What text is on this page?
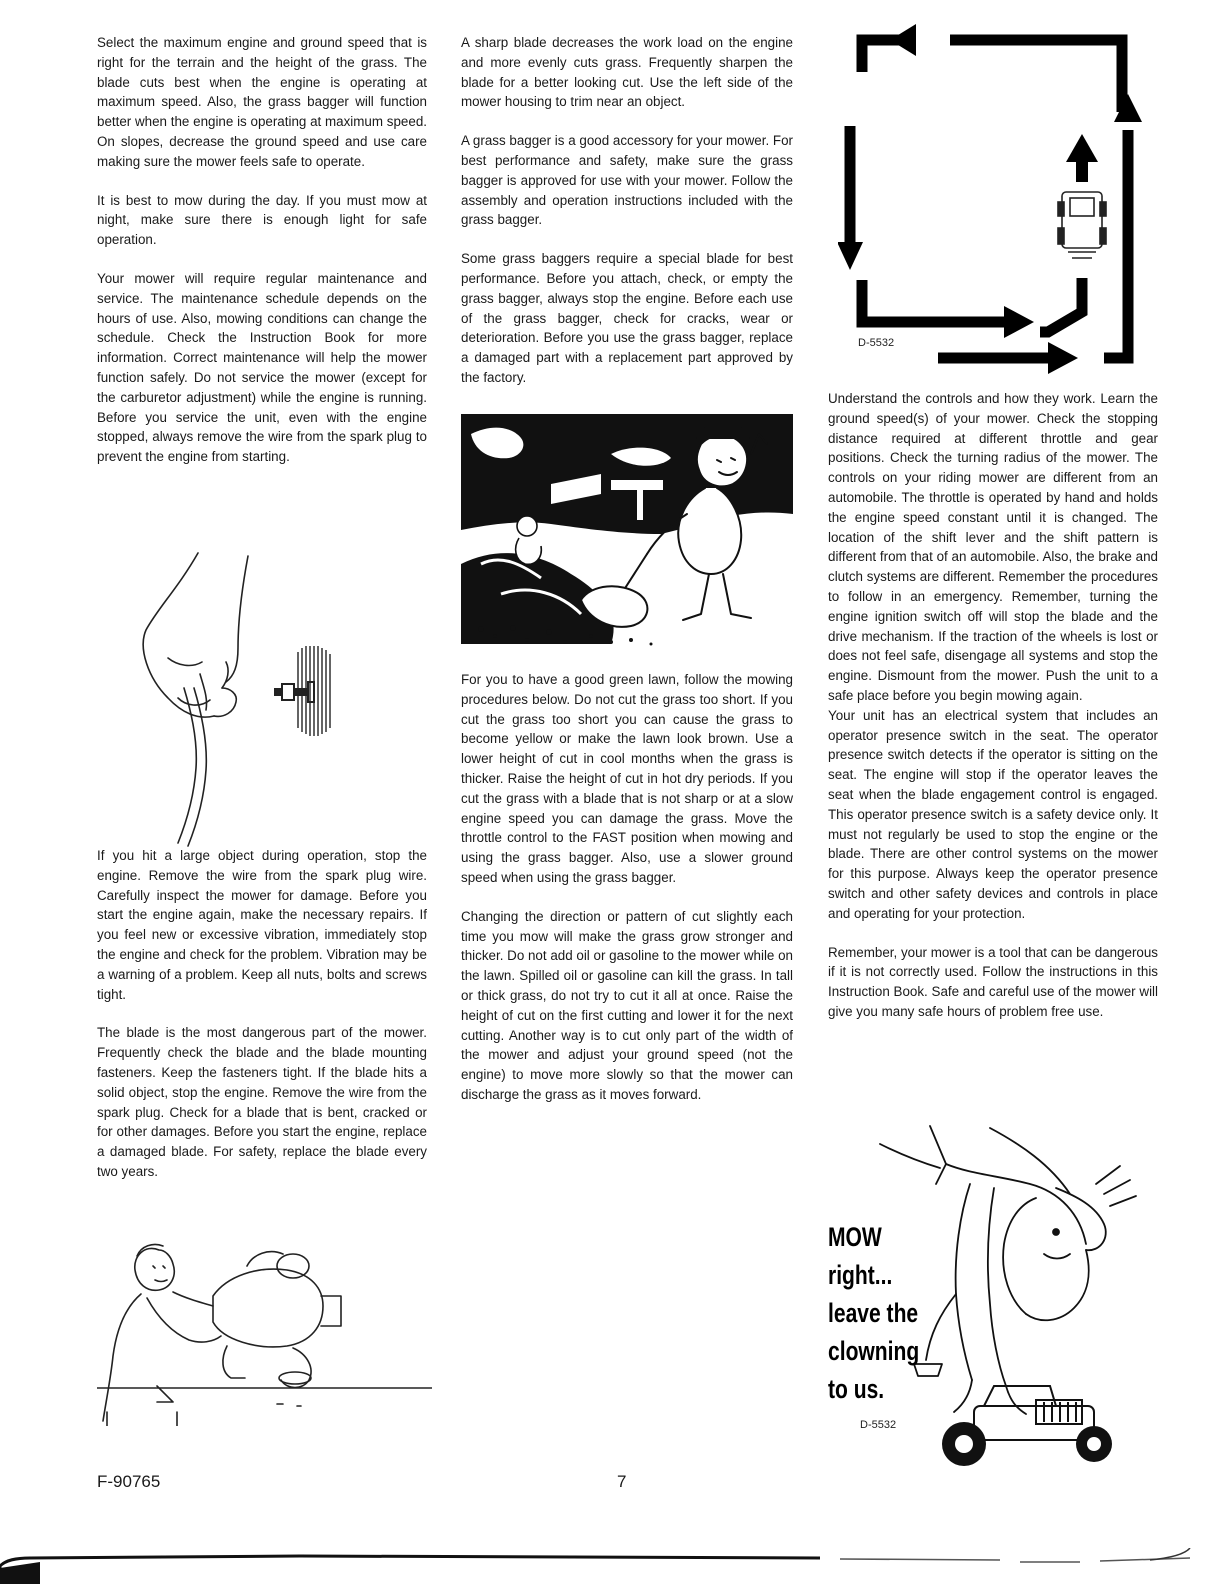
Select the maximum engine and ground speed that is right for the terrain and the height of the grass. The blade cuts best when the engine is operating at maximum speed. Also, the grass bagger will function better when the engine is operating at maximum speed. On slopes, decrease the ground speed and use care making sure the mower feels safe to operate.

It is best to mow during the day. If you must mow at night, make sure there is enough light for safe operation.

Your mower will require regular maintenance and service. The maintenance schedule depends on the hours of use. Also, mowing conditions can change the schedule. Check the Instruction Book for more information. Correct maintenance will help the mower function safely. Do not service the mower (except for the carburetor adjustment) while the engine is running. Before you service the unit, even with the engine stopped, always remove the wire from the spark plug to prevent the engine from starting.

If you hit a large object during operation, stop the engine. Remove the wire from the spark plug wire. Carefully inspect the mower for damage. Before you start the engine again, make the necessary repairs. If you feel new or excessive vibration, immediately stop the engine and check for the problem. Vibration may be a warning of a problem. Keep all nuts, bolts and screws tight.

The blade is the most dangerous part of the mower. Frequently check the blade and the blade mounting fasteners. Keep the fasteners tight. If the blade hits a solid object, stop the engine. Remove the wire from the spark plug. Check for a blade that is bent, cracked or for other damages. Before you start the engine, replace a damaged blade. For safety, replace the blade every two years.

A sharp blade decreases the work load on the engine and more evenly cuts grass. Frequently sharpen the blade for a better looking cut. Use the left side of the mower housing to trim near an object.

A grass bagger is a good accessory for your mower. For best performance and safety, make sure the grass bagger is approved for use with your mower. Follow the assembly and operation instructions included with the grass bagger.

Some grass baggers require a special blade for best performance. Before you attach, check, or empty the grass bagger, always stop the engine. Before each use of the grass bagger, check for cracks, wear or deterioration. Before you use the grass bagger, replace a damaged part with a replacement part approved by the factory.

For you to have a good green lawn, follow the mowing procedures below. Do not cut the grass too short. If you cut the grass too short you can cause the grass to become yellow or make the lawn look brown. Use a lower height of cut in cool months when the grass is thicker. Raise the height of cut in hot dry periods. If you cut the grass with a blade that is not sharp or at a slow engine speed you can damage the grass. Move the throttle control to the FAST position when mowing and using the grass bagger. Also, use a slower ground speed when using the grass bagger.

Changing the direction or pattern of cut slightly each time you mow will make the grass grow stronger and thicker. Do not add oil or gasoline to the mower while on the lawn. Spilled oil or gasoline can kill the grass. In tall or thick grass, do not try to cut it all at once. Raise the height of cut on the first cutting and lower it for the next cutting. Another way is to cut only part of the width of the mower and adjust your ground speed (not the engine) to move more slowly so that the mower can discharge the grass as it moves forward.

D-5532

Understand the controls and how they work. Learn the ground speed(s) of your mower. Check the stopping distance required at different throttle and gear positions. Check the turning radius of the mower. The controls on your riding mower are different from an automobile. The throttle is operated by hand and holds the engine speed constant until it is changed. The location of the shift lever and the shift pattern is different from that of an automobile. Also, the brake and clutch systems are different. Remember the procedures to follow in an emergency. Remember, turning the engine ignition switch off will stop the blade and the drive mechanism. If the traction of the wheels is lost or does not feel safe, disengage all systems and stop the engine. Dismount from the mower. Push the unit to a safe place before you begin mowing again.

Your unit has an electrical system that includes an operator presence switch in the seat. The operator presence switch detects if the operator is sitting on the seat. The engine will stop if the operator leaves the seat when the blade engagement control is engaged. This operator presence switch is a safety device only. It must not regularly be used to stop the engine or the blade. There are other control systems on the mower for this purpose. Always keep the operator presence switch and other safety devices and controls in place and operating for your protection.

Remember, your mower is a tool that can be dangerous if it is not correctly used. Follow the instructions in this Instruction Book. Safe and careful use of the mower will give you many safe hours of problem free use.

D-5532
MOW
right...
leave the
clowning
to us.
F-90765	7
